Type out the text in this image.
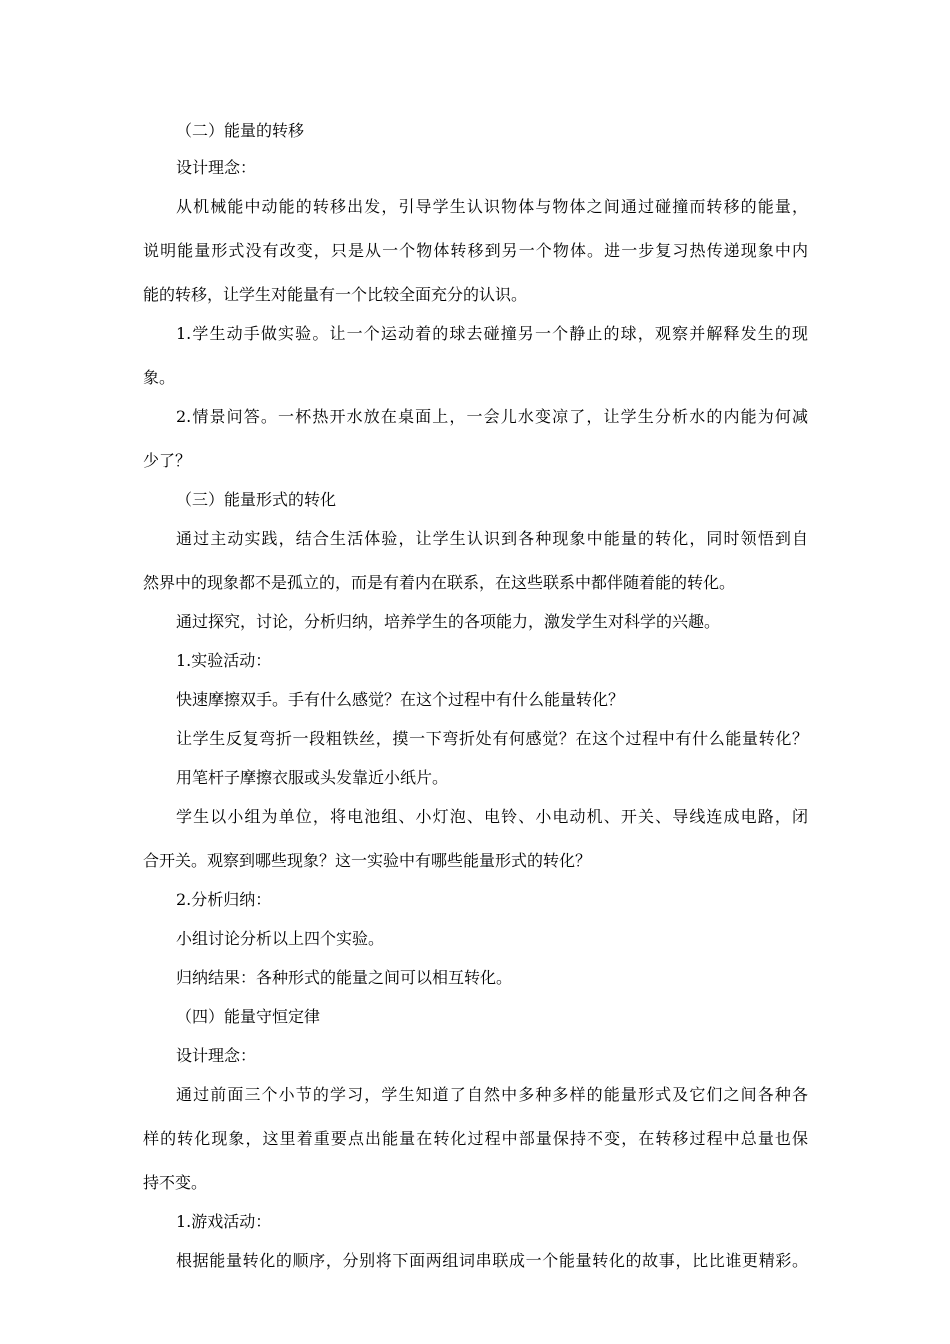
（二）能量的转移
设计理念：
从机械能中动能的转移出发，引导学生认识物体与物体之间通过碰撞而转移的能量，
说明能量形式没有改变，只是从一个物体转移到另一个物体。进一步复习热传递现象中内
能的转移，让学生对能量有一个比较全面充分的认识。
1.学生动手做实验。让一个运动着的球去碰撞另一个静止的球，观察并解释发生的现
象。
2.情景问答。一杯热开水放在桌面上，一会儿水变凉了，让学生分析水的内能为何减
少了？
（三）能量形式的转化
通过主动实践，结合生活体验，让学生认识到各种现象中能量的转化，同时领悟到自
然界中的现象都不是孤立的，而是有着内在联系，在这些联系中都伴随着能的转化。
通过探究，讨论，分析归纳，培养学生的各项能力，激发学生对科学的兴趣。
1.实验活动：
快速摩擦双手。手有什么感觉？在这个过程中有什么能量转化？
让学生反复弯折一段粗铁丝，摸一下弯折处有何感觉？在这个过程中有什么能量转化？
用笔杆子摩擦衣服或头发靠近小纸片。
学生以小组为单位，将电池组、小灯泡、电铃、小电动机、开关、导线连成电路，闭
合开关。观察到哪些现象？这一实验中有哪些能量形式的转化？
2.分析归纳：
小组讨论分析以上四个实验。
归纳结果：各种形式的能量之间可以相互转化。
（四）能量守恒定律
设计理念：
通过前面三个小节的学习，学生知道了自然中多种多样的能量形式及它们之间各种各
样的转化现象，这里着重要点出能量在转化过程中部量保持不变，在转移过程中总量也保
持不变。
1.游戏活动：
根据能量转化的顺序，分别将下面两组词串联成一个能量转化的故事，比比谁更精彩。
